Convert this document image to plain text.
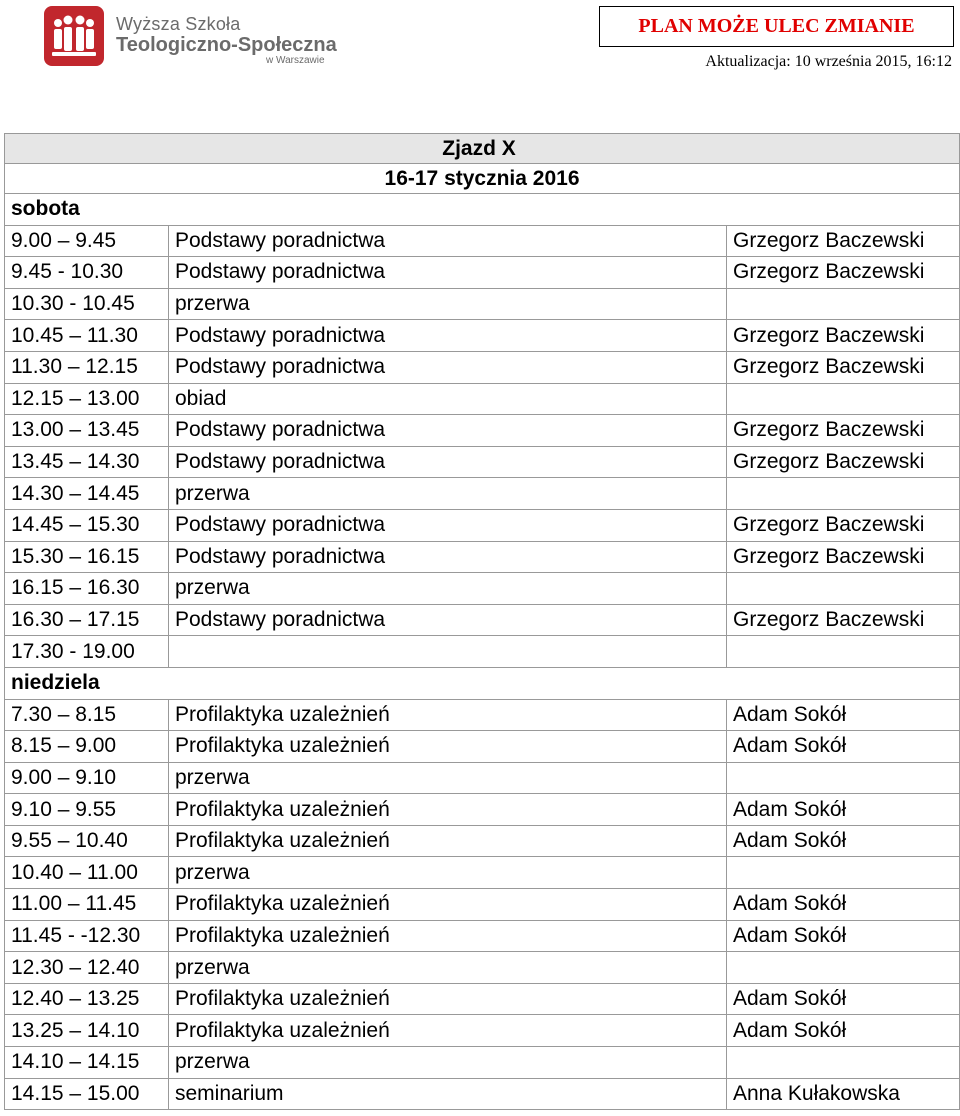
Wyższa Szkoła
Teologiczno-Społeczna
w Warszawie
PLAN MOŻE ULEC ZMIANIE
Aktualizacja: 10 września 2015, 16:12
Zjazd X		
16-17 stycznia 2016		
sobota		
9.00 – 9.45	Podstawy poradnictwa	Grzegorz Baczewski
9.45 - 10.30	Podstawy poradnictwa	Grzegorz Baczewski
10.30 - 10.45	przerwa	
10.45 – 11.30	Podstawy poradnictwa	Grzegorz Baczewski
11.30 – 12.15	Podstawy poradnictwa	Grzegorz Baczewski
12.15 – 13.00	obiad	
13.00 – 13.45	Podstawy poradnictwa	Grzegorz Baczewski
13.45 – 14.30	Podstawy poradnictwa	Grzegorz Baczewski
14.30 – 14.45	przerwa	
14.45 – 15.30	Podstawy poradnictwa	Grzegorz Baczewski
15.30 – 16.15	Podstawy poradnictwa	Grzegorz Baczewski
16.15 – 16.30	przerwa	
16.30 – 17.15	Podstawy poradnictwa	Grzegorz Baczewski
17.30 - 19.00		
niedziela		
7.30 – 8.15	Profilaktyka uzależnień	Adam Sokół
8.15 – 9.00	Profilaktyka uzależnień	Adam Sokół
9.00 – 9.10	przerwa	
9.10 – 9.55	Profilaktyka uzależnień	Adam Sokół
9.55 – 10.40	Profilaktyka uzależnień	Adam Sokół
10.40 – 11.00	przerwa	
11.00 – 11.45	Profilaktyka uzależnień	Adam Sokół
11.45 - -12.30	Profilaktyka uzależnień	Adam Sokół
12.30 – 12.40	przerwa	
12.40 – 13.25	Profilaktyka uzależnień	Adam Sokół
13.25 – 14.10	Profilaktyka uzależnień	Adam Sokół
14.10 – 14.15	przerwa	
14.15 – 15.00	seminarium	Anna Kułakowska
